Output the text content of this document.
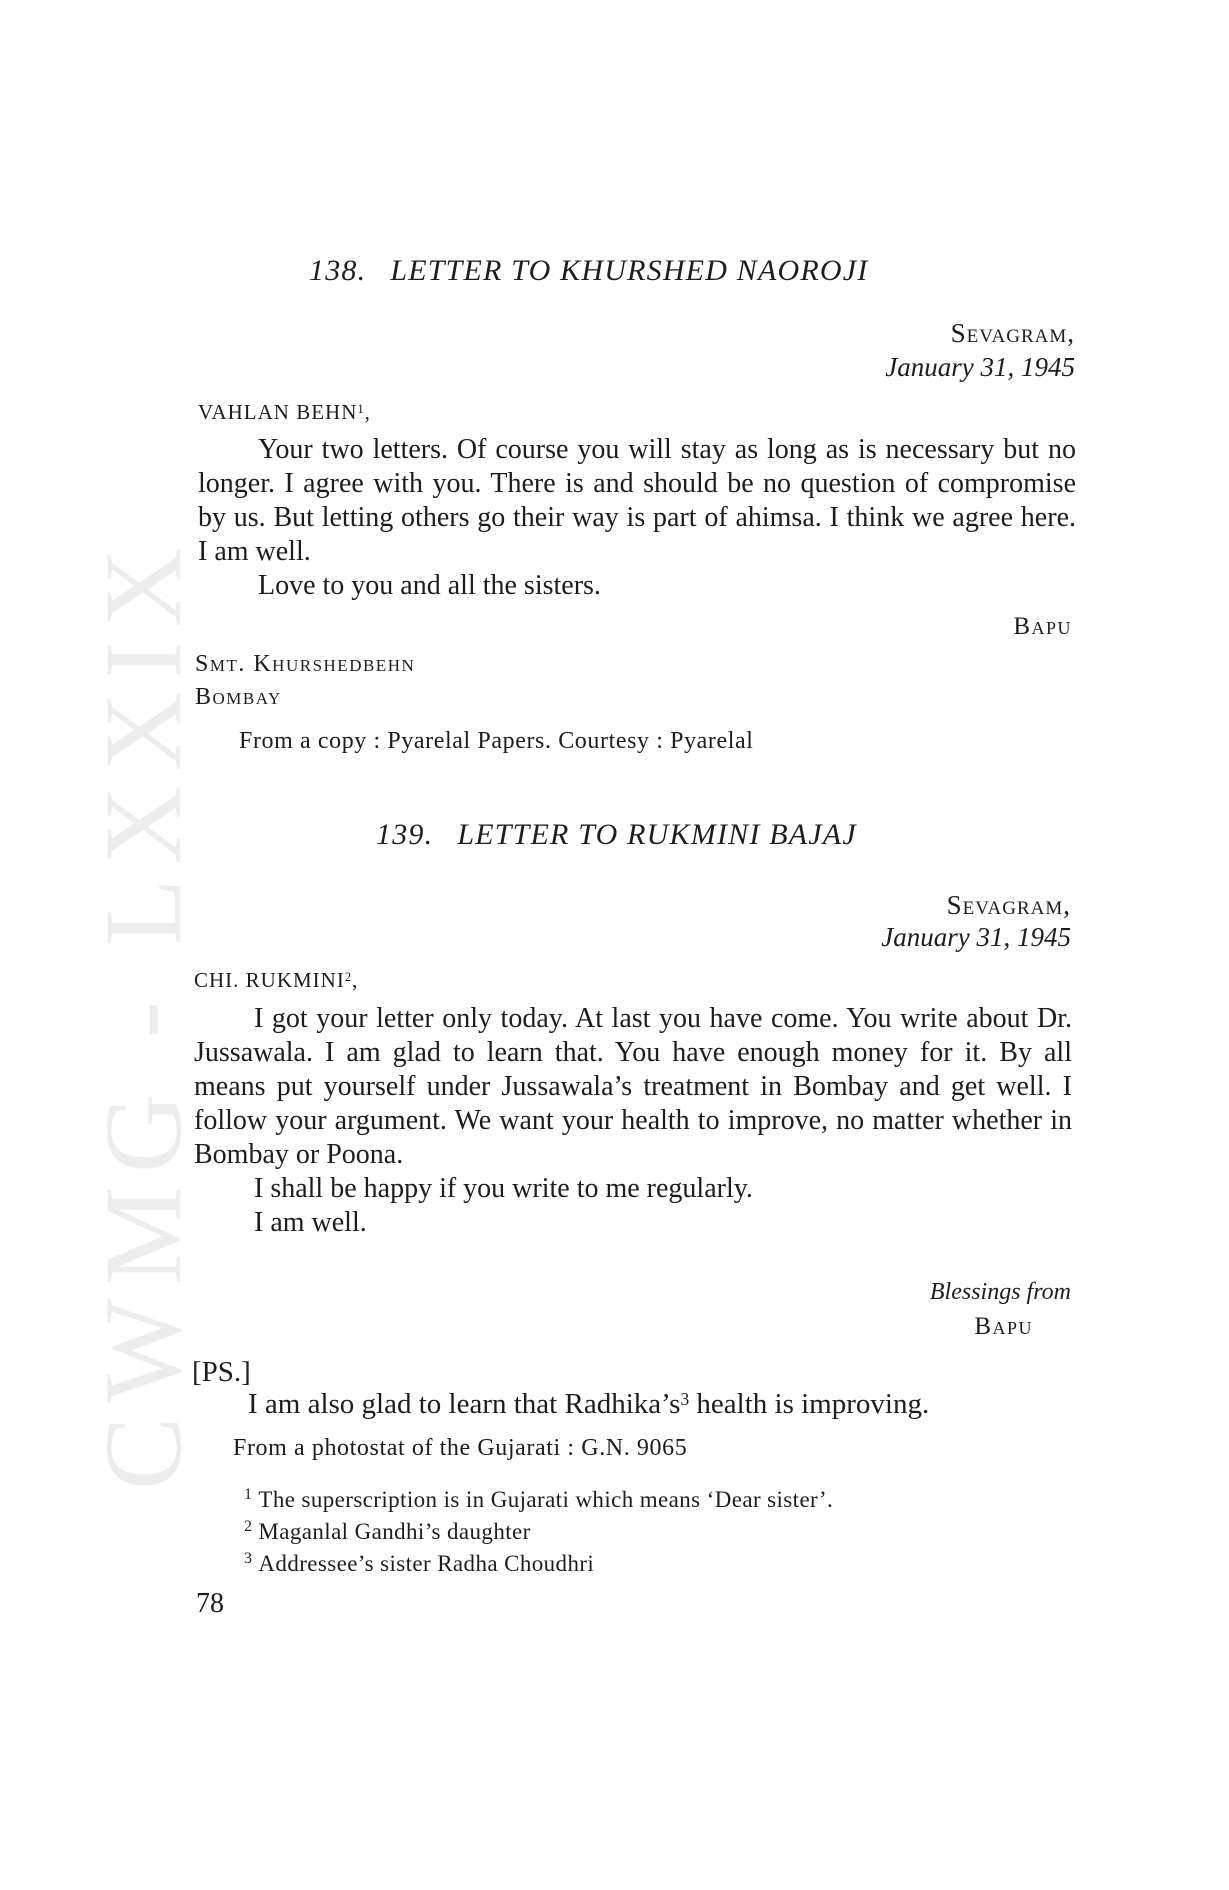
CWMG - LXXIX
138. LETTER TO KHURSHED NAOROJI
Sevagram,
January 31, 1945
VAHLAN BEHN$^1$,

Your two letters. Of course you will stay as long as is necessary but no longer. I agree with you. There is and should be no question of compromise by us. But letting others go their way is part of ahimsa. I think we agree here. I am well.

Love to you and all the sisters.

Bapu
Smt. Khurshedbehn
Bombay
From a copy : Pyarelal Papers. Courtesy : Pyarelal
139. LETTER TO RUKMINI BAJAJ
Sevagram,
January 31, 1945
CHI. RUKMINI$^2$,

I got your letter only today. At last you have come. You write about Dr. Jussawala. I am glad to learn that. You have enough money for it. By all means put yourself under Jussawala’s treatment in Bombay and get well. I follow your argument. We want your health to improve, no matter whether in Bombay or Poona.

I shall be happy if you write to me regularly.

I am well.

Blessings from
Bapu
[PS.]
I am also glad to learn that $Radhika’s^3$ health is improving.
From a photostat of the Gujarati : G.N. 9065
$^1$ The superscription is in Gujarati which means ‘Dear sister’.
$^2$ Maganlal Gandhi’s daughter
$^3$ Addressee’s sister Radha Choudhri
78
